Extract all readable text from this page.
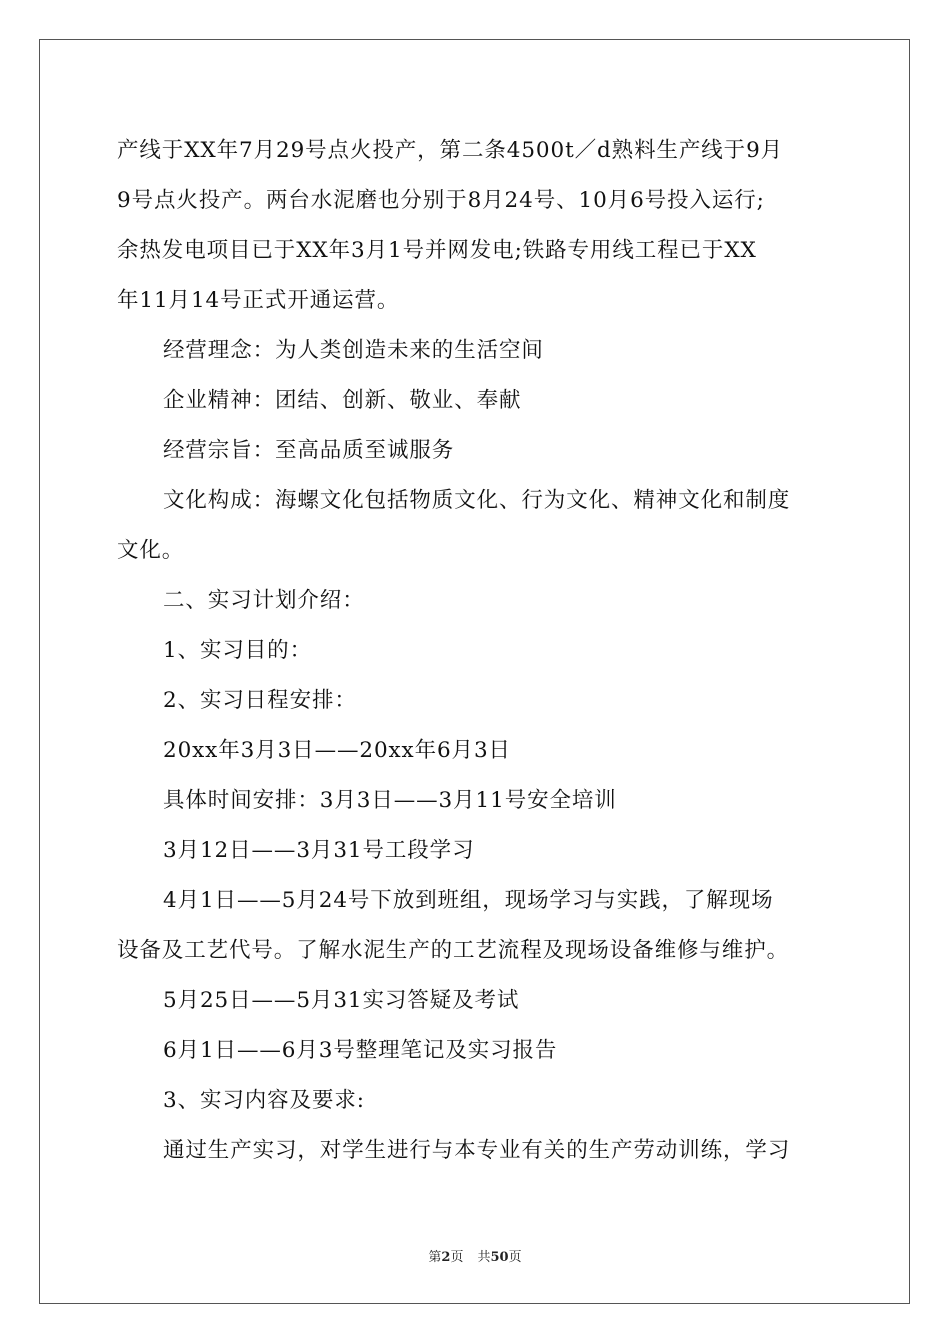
产线于XX年7月29号点火投产，第二条4500t／d熟料生产线于9月
9号点火投产。两台水泥磨也分别于8月24号、10月6号投入运行;
余热发电项目已于XX年3月1号并网发电;铁路专用线工程已于XX
年11月14号正式开通运营。
经营理念：为人类创造未来的生活空间
企业精神：团结、创新、敬业、奉献
经营宗旨：至高品质至诚服务
文化构成：海螺文化包括物质文化、行为文化、精神文化和制度
文化。
二、实习计划介绍：
1、实习目的：
2、实习日程安排：
20xx年3月3日——20xx年6月3日
具体时间安排：3月3日——3月11号安全培训
3月12日——3月31号工段学习
4月1日——5月24号下放到班组，现场学习与实践，了解现场
设备及工艺代号。了解水泥生产的工艺流程及现场设备维修与维护。
5月25日——5月31实习答疑及考试
6月1日——6月3号整理笔记及实习报告
3、实习内容及要求:
通过生产实习，对学生进行与本专业有关的生产劳动训练，学习
第2页 共50页
